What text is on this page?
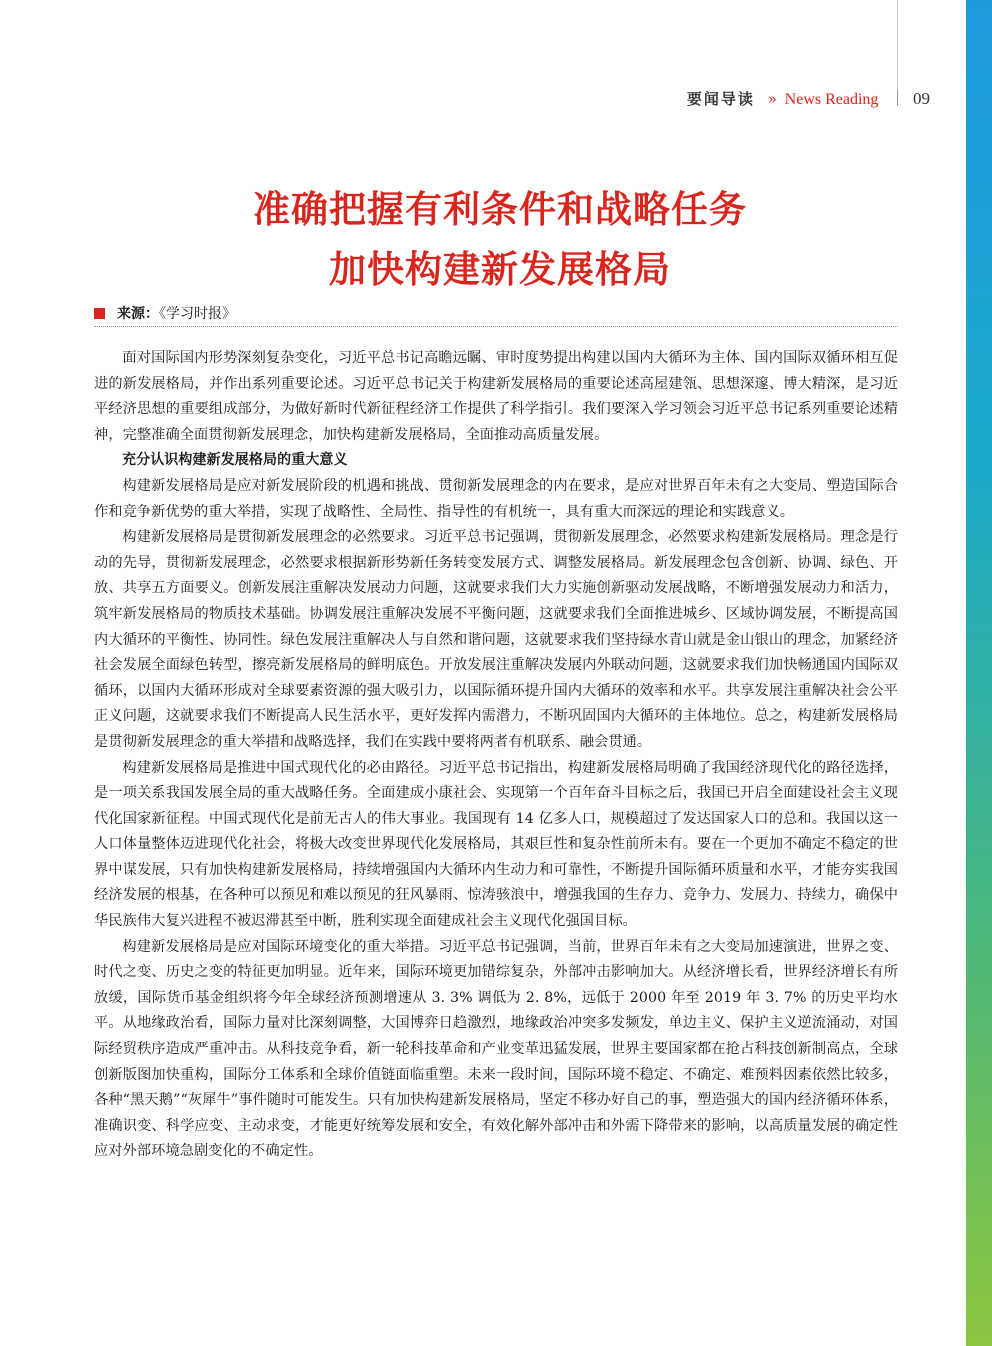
要闻导读 » News Reading 09
准确把握有利条件和战略任务
加快构建新发展格局
来源：《学习时报》

面对国际国内形势深刻复杂变化，习近平总书记高瞻远瞩、审时度势提出构建以国内大循环为主体、国内国际双循环相互促进的新发展格局，并作出系列重要论述。习近平总书记关于构建新发展格局的重要论述高屋建瓴、思想深邃、博大精深，是习近平经济思想的重要组成部分，为做好新时代新征程经济工作提供了科学指引。我们要深入学习领会习近平总书记系列重要论述精神，完整准确全面贯彻新发展理念，加快构建新发展格局，全面推动高质量发展。

充分认识构建新发展格局的重大意义

构建新发展格局是应对新发展阶段的机遇和挑战、贯彻新发展理念的内在要求，是应对世界百年未有之大变局、塑造国际合作和竞争新优势的重大举措，实现了战略性、全局性、指导性的有机统一，具有重大而深远的理论和实践意义。

构建新发展格局是贯彻新发展理念的必然要求。习近平总书记强调，贯彻新发展理念，必然要求构建新发展格局。理念是行动的先导，贯彻新发展理念，必然要求根据新形势新任务转变发展方式、调整发展格局。新发展理念包含创新、协调、绿色、开放、共享五方面要义。创新发展注重解决发展动力问题，这就要求我们大力实施创新驱动发展战略，不断增强发展动力和活力，筑牢新发展格局的物质技术基础。协调发展注重解决发展不平衡问题，这就要求我们全面推进城乡、区域协调发展，不断提高国内大循环的平衡性、协同性。绿色发展注重解决人与自然和谐问题，这就要求我们坚持绿水青山就是金山银山的理念，加紧经济社会发展全面绿色转型，擦亮新发展格局的鲜明底色。开放发展注重解决发展内外联动问题，这就要求我们加快畅通国内国际双循环，以国内大循环形成对全球要素资源的强大吸引力，以国际循环提升国内大循环的效率和水平。共享发展注重解决社会公平正义问题，这就要求我们不断提高人民生活水平，更好发挥内需潜力，不断巩固国内大循环的主体地位。总之，构建新发展格局是贯彻新发展理念的重大举措和战略选择，我们在实践中要将两者有机联系、融会贯通。

构建新发展格局是推进中国式现代化的必由路径。习近平总书记指出，构建新发展格局明确了我国经济现代化的路径选择，是一项关系我国发展全局的重大战略任务。全面建成小康社会、实现第一个百年奋斗目标之后，我国已开启全面建设社会主义现代化国家新征程。中国式现代化是前无古人的伟大事业。我国现有 14 亿多人口，规模超过了发达国家人口的总和。我国以这一人口体量整体迈进现代化社会，将极大改变世界现代化发展格局，其艰巨性和复杂性前所未有。要在一个更加不确定不稳定的世界中谋发展，只有加快构建新发展格局，持续增强国内大循环内生动力和可靠性，不断提升国际循环质量和水平，才能夯实我国经济发展的根基，在各种可以预见和难以预见的狂风暴雨、惊涛骇浪中，增强我国的生存力、竞争力、发展力、持续力，确保中华民族伟大复兴进程不被迟滞甚至中断，胜利实现全面建成社会主义现代化强国目标。

构建新发展格局是应对国际环境变化的重大举措。习近平总书记强调，当前，世界百年未有之大变局加速演进，世界之变、时代之变、历史之变的特征更加明显。近年来，国际环境更加错综复杂，外部冲击影响加大。从经济增长看，世界经济增长有所放缓，国际货币基金组织将今年全球经济预测增速从 3. 3% 调低为 2. 8%，远低于 2000 年至 2019 年 3. 7% 的历史平均水平。从地缘政治看，国际力量对比深刻调整，大国博弈日趋激烈，地缘政治冲突多发频发，单边主义、保护主义逆流涌动，对国际经贸秩序造成严重冲击。从科技竞争看，新一轮科技革命和产业变革迅猛发展，世界主要国家都在抢占科技创新制高点，全球创新版图加快重构，国际分工体系和全球价值链面临重塑。未来一段时间，国际环境不稳定、不确定、难预料因素依然比较多，各种“黑天鹅”“灰犀牛”事件随时可能发生。只有加快构建新发展格局，坚定不移办好自己的事，塑造强大的国内经济循环体系，准确识变、科学应变、主动求变，才能更好统筹发展和安全，有效化解外部冲击和外需下降带来的影响，以高质量发展的确定性应对外部环境急剧变化的不确定性。
